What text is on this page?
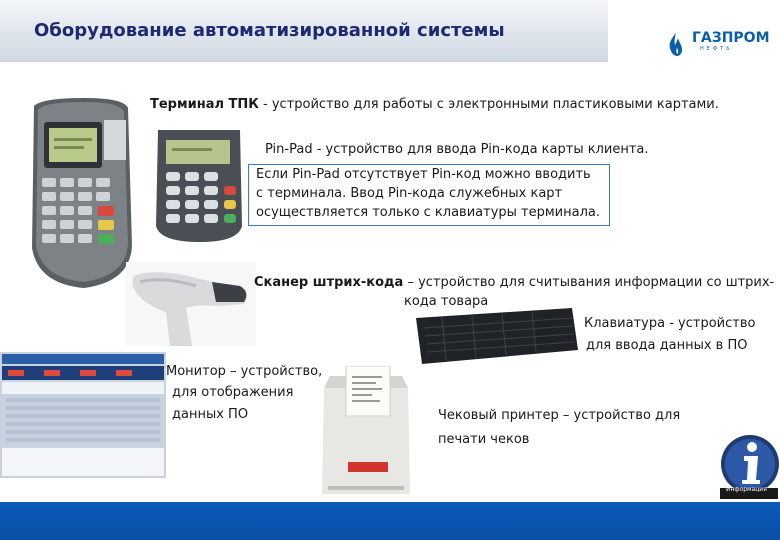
Оборудование автоматизированной системы	ГАЗПРОМ
НЕФТЬ
Информация
Терминал ТПК - устройство для работы с электронными пластиковыми картами.
Pin-Pad - устройство для ввода Pin-кода карты клиента.
Если Pin-Pad отсутствует Pin-код можно вводить
с терминала. Ввод Pin-кода служебных карт
осуществляется только с клавиатуры терминала.
Сканер штрих-кода – устройство для считывания информации со штрих-
кода товара
Клавиатура - устройство
для ввода данных в ПО
Монитор – устройство,
для отображения
данных ПО	Чековый принтер – устройство для
печати чеков
